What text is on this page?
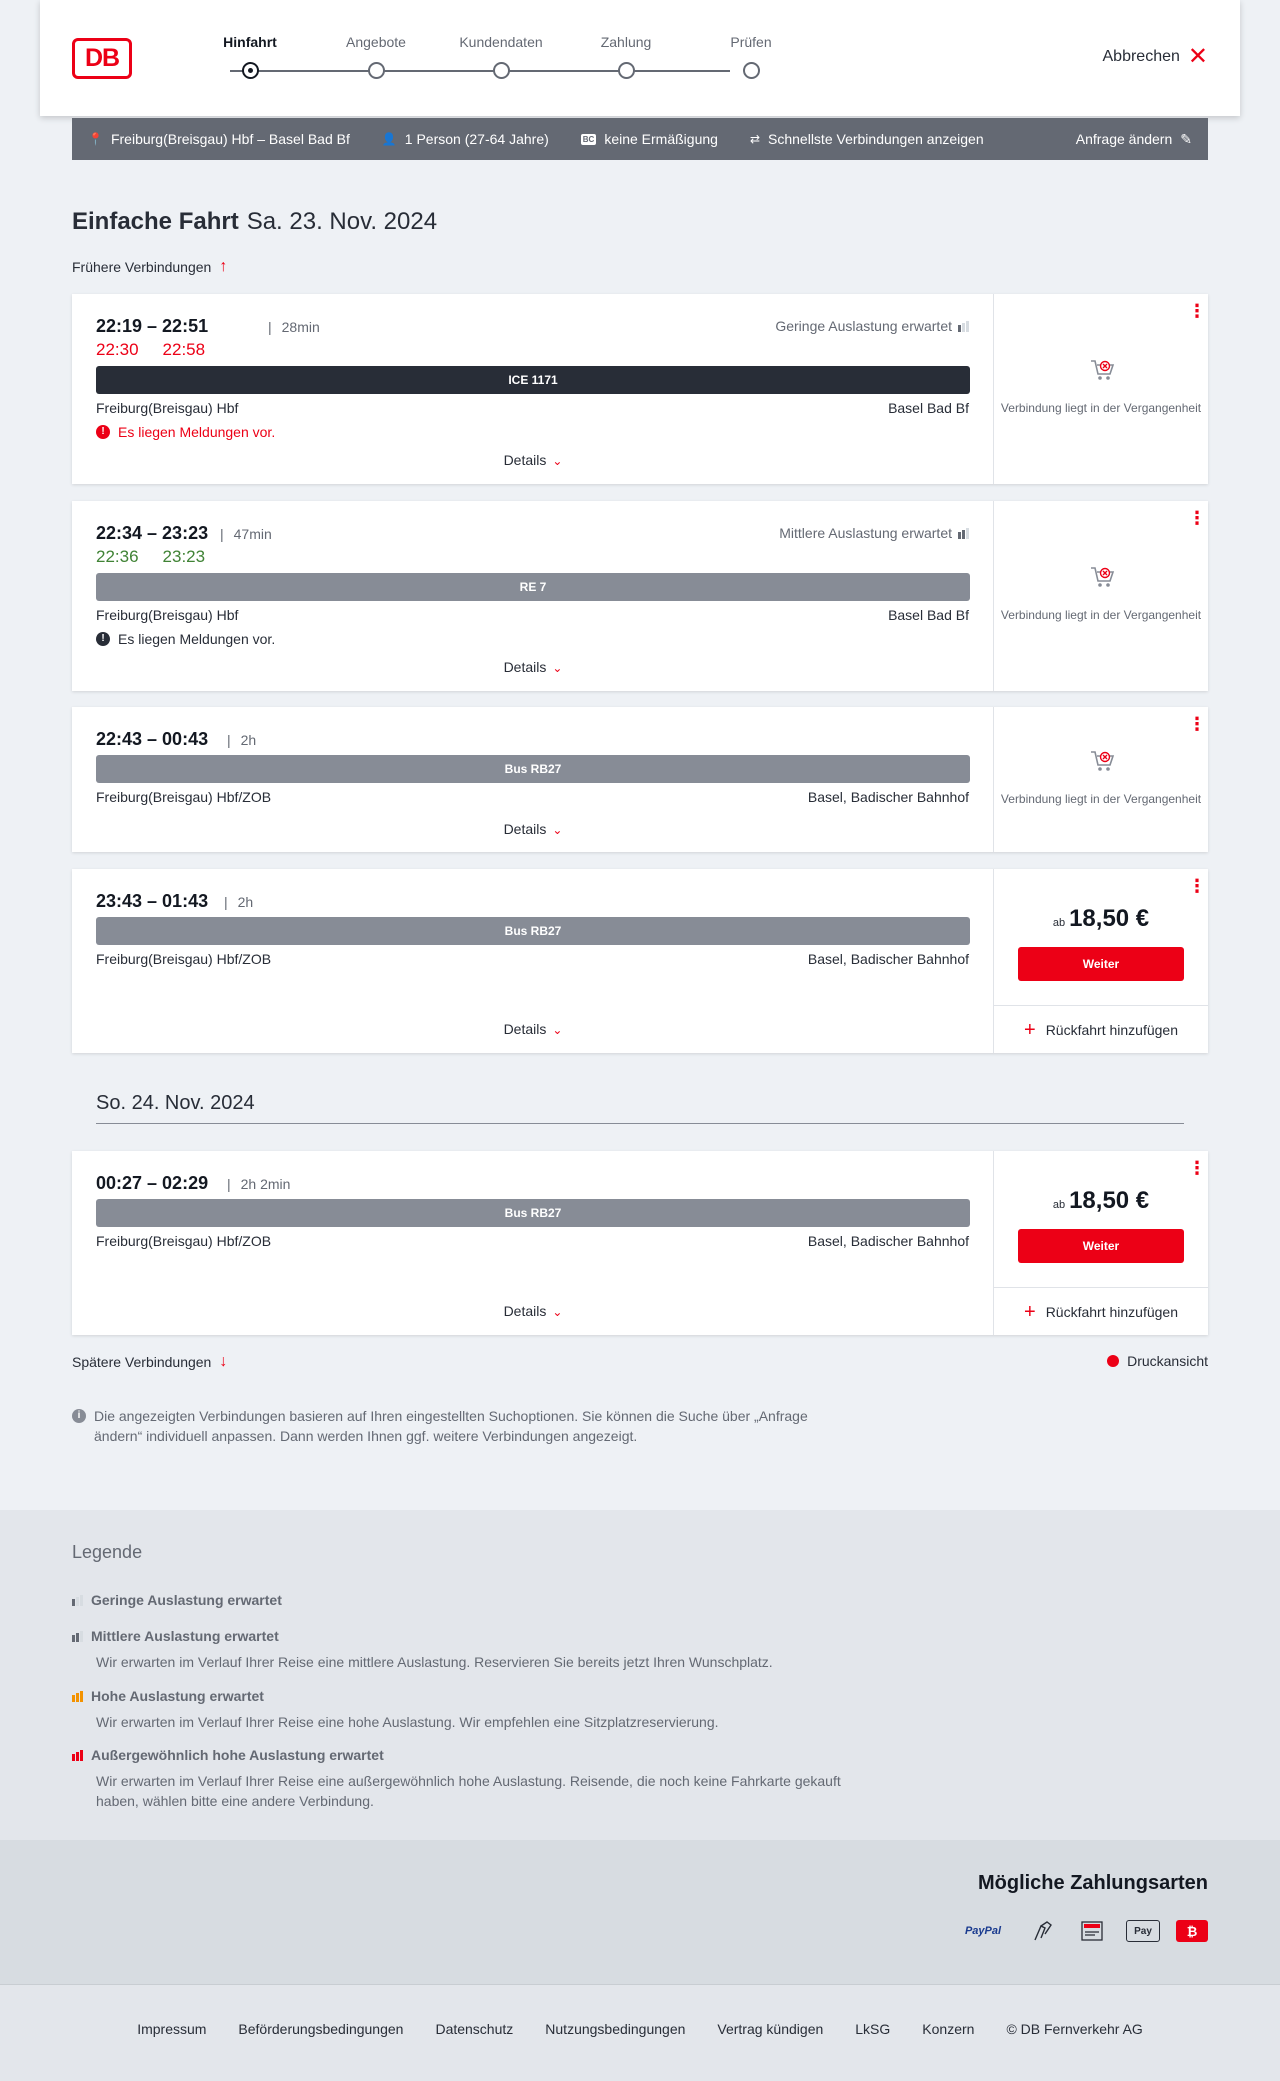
DB
Hinfahrt	Angebote	Kundendaten	Zahlung	Prüfen
Abbrechen ✕
📍 Freiburg(Breisgau) Hbf – Basel Bad Bf	👤 1 Person (27-64 Jahre)	BC keine Ermäßigung	⇄ Schnellste Verbindungen anzeigen	Anfrage ändern ✎
Einfache Fahrt Sa. 23. Nov. 2024
Frühere Verbindungen ↑
22:19 – 22:51	| 28min
22:30 22:58
Geringe Auslastung erwartet
ICE 1171
Freiburg(Breisgau) Hbf	Basel Bad Bf
! Es liegen Meldungen vor.
Details ⌄
⋮
Verbindung liegt in der Vergangenheit
22:34 – 23:23	| 47min
22:36 23:23
Mittlere Auslastung erwartet
RE 7
Freiburg(Breisgau) Hbf	Basel Bad Bf
! Es liegen Meldungen vor.
Details ⌄
⋮
Verbindung liegt in der Vergangenheit
22:43 – 00:43	| 2h
Bus RB27
Freiburg(Breisgau) Hbf/ZOB	Basel, Badischer Bahnhof
Details ⌄
⋮
Verbindung liegt in der Vergangenheit
23:43 – 01:43	| 2h
Bus RB27
Freiburg(Breisgau) Hbf/ZOB	Basel, Badischer Bahnhof
Details ⌄
⋮
ab 18,50 €
Weiter
+ Rückfahrt hinzufügen
So. 24. Nov. 2024
00:27 – 02:29	| 2h 2min
Bus RB27
Freiburg(Breisgau) Hbf/ZOB	Basel, Badischer Bahnhof
Details ⌄
⋮
ab 18,50 €
Weiter
+ Rückfahrt hinzufügen
Spätere Verbindungen ↓	Druckansicht
i Die angezeigten Verbindungen basieren auf Ihren eingestellten Suchoptionen. Sie können die Suche über „Anfrage ändern“ individuell anpassen. Dann werden Ihnen ggf. weitere Verbindungen angezeigt.
Legende
Geringe Auslastung erwartet
Mittlere Auslastung erwartet
Wir erwarten im Verlauf Ihrer Reise eine mittlere Auslastung. Reservieren Sie bereits jetzt Ihren Wunschplatz.
Hohe Auslastung erwartet
Wir erwarten im Verlauf Ihrer Reise eine hohe Auslastung. Wir empfehlen eine Sitzplatzreservierung.
Außergewöhnlich hohe Auslastung erwartet
Wir erwarten im Verlauf Ihrer Reise eine außergewöhnlich hohe Auslastung. Reisende, die noch keine Fahrkarte gekauft haben, wählen bitte eine andere Verbindung.
Mögliche Zahlungsarten
PayPal	Pay	₿
Impressum Beförderungsbedingungen Datenschutz Nutzungsbedingungen Vertrag kündigen LkSG Konzern © DB Fernverkehr AG
